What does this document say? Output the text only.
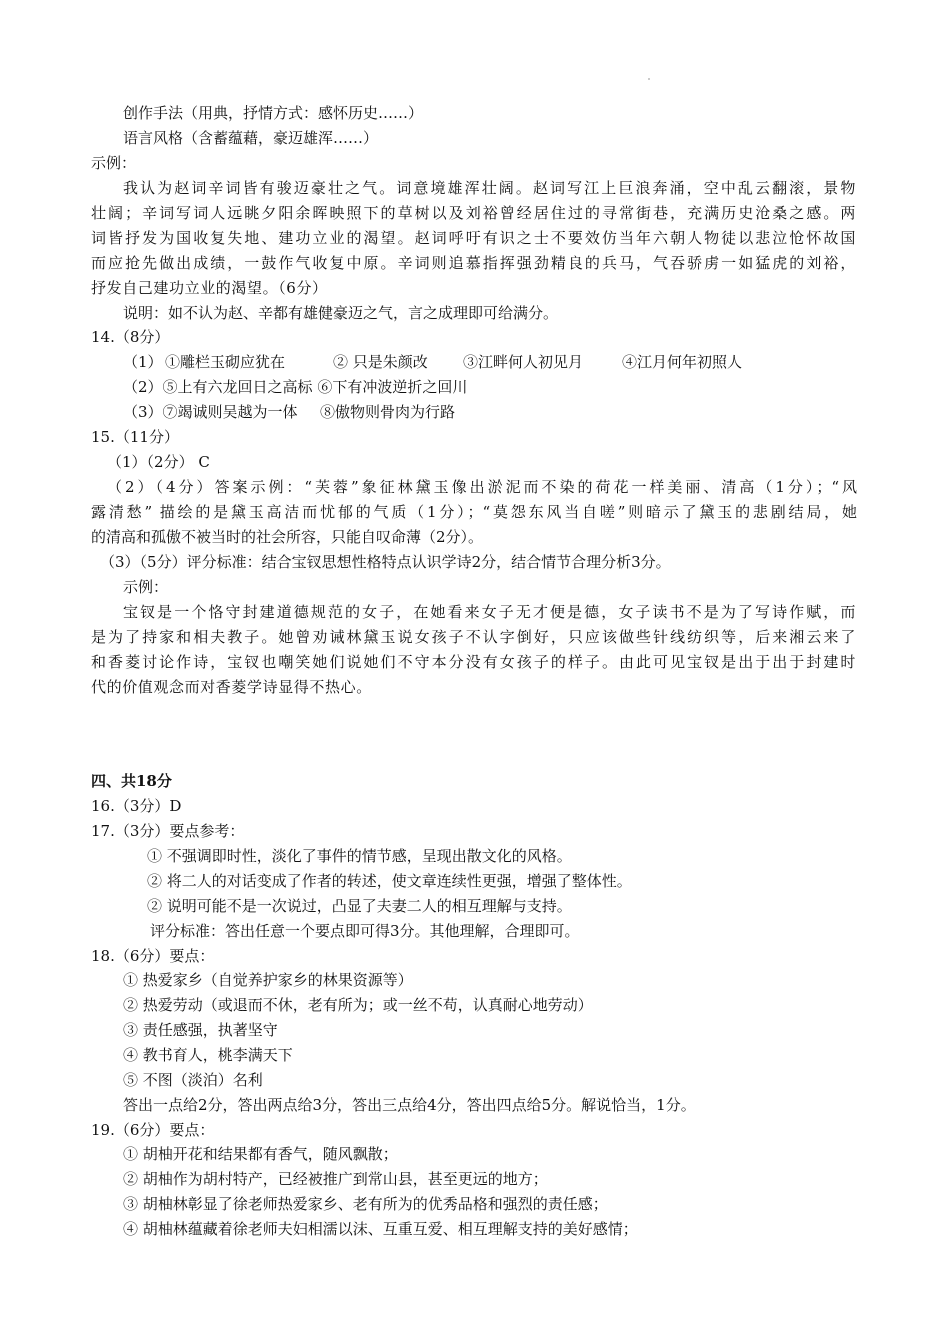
创作手法（用典，抒情方式：感怀历史……）
语言风格（含蓄蕴藉，豪迈雄浑……）
示例：
我认为赵词辛词皆有骏迈豪壮之气。词意境雄浑壮阔。赵词写江上巨浪奔涌，空中乱云翻滚，景物
壮阔；辛词写词人远眺夕阳余晖映照下的草树以及刘裕曾经居住过的寻常街巷，充满历史沧桑之感。两
词皆抒发为国收复失地、建功立业的渴望。赵词呼吁有识之士不要效仿当年六朝人物徒以悲泣怆怀故国
而应抢先做出成绩，一鼓作气收复中原。辛词则追慕指挥强劲精良的兵马，气吞骄虏一如猛虎的刘裕，
抒发自己建功立业的渴望。（6分）
说明：如不认为赵、辛都有雄健豪迈之气，言之成理即可给满分。
14.（8分）
（1） ①雕栏玉砌应犹在	② 只是朱颜改 ③江畔何人初见月	④江月何年初照人
（2）⑤上有六龙回日之高标 ⑥下有冲波逆折之回川
（3）⑦竭诚则吴越为一体 ⑧傲物则骨肉为行路
15.（11分）
（1）（2分） C
（2）（4分）答案示例：“芙蓉”象征林黛玉像出淤泥而不染的荷花一样美丽、清高（1分）；“风
露清愁” 描绘的是黛玉高洁而忧郁的气质（1分）；“莫怨东风当自嗟”则暗示了黛玉的悲剧结局，她
的清高和孤傲不被当时的社会所容，只能自叹命薄（2分）。
（3）（5分）评分标准：结合宝钗思想性格特点认识学诗2分，结合情节合理分析3分。
示例：
宝钗是一个恪守封建道德规范的女子，在她看来女子无才便是德，女子读书不是为了写诗作赋，而
是为了持家和相夫教子。她曾劝诫林黛玉说女孩子不认字倒好，只应该做些针线纺织等，后来湘云来了
和香菱讨论作诗，宝钗也嘲笑她们说她们不守本分没有女孩子的样子。由此可见宝钗是出于出于封建时
代的价值观念而对香菱学诗显得不热心。
四、共18分
16.（3分）D
17.（3分）要点参考：
① 不强调即时性，淡化了事件的情节感，呈现出散文化的风格。
② 将二人的对话变成了作者的转述，使文章连续性更强，增强了整体性。
② 说明可能不是一次说过，凸显了夫妻二人的相互理解与支持。
评分标准：答出任意一个要点即可得3分。其他理解，合理即可。
18.（6分）要点：
① 热爱家乡（自觉养护家乡的林果资源等）
② 热爱劳动（或退而不休，老有所为；或一丝不苟，认真耐心地劳动）
③ 责任感强，执著坚守
④ 教书育人，桃李满天下
⑤ 不图（淡泊）名利
答出一点给2分，答出两点给3分，答出三点给4分，答出四点给5分。解说恰当，1分。
19.（6分）要点：
① 胡柚开花和结果都有香气，随风飘散；
② 胡柚作为胡村特产，已经被推广到常山县，甚至更远的地方；
③ 胡柚林彰显了徐老师热爱家乡、老有所为的优秀品格和强烈的责任感；
④ 胡柚林蕴藏着徐老师夫妇相濡以沫、互重互爱、相互理解支持的美好感情；
